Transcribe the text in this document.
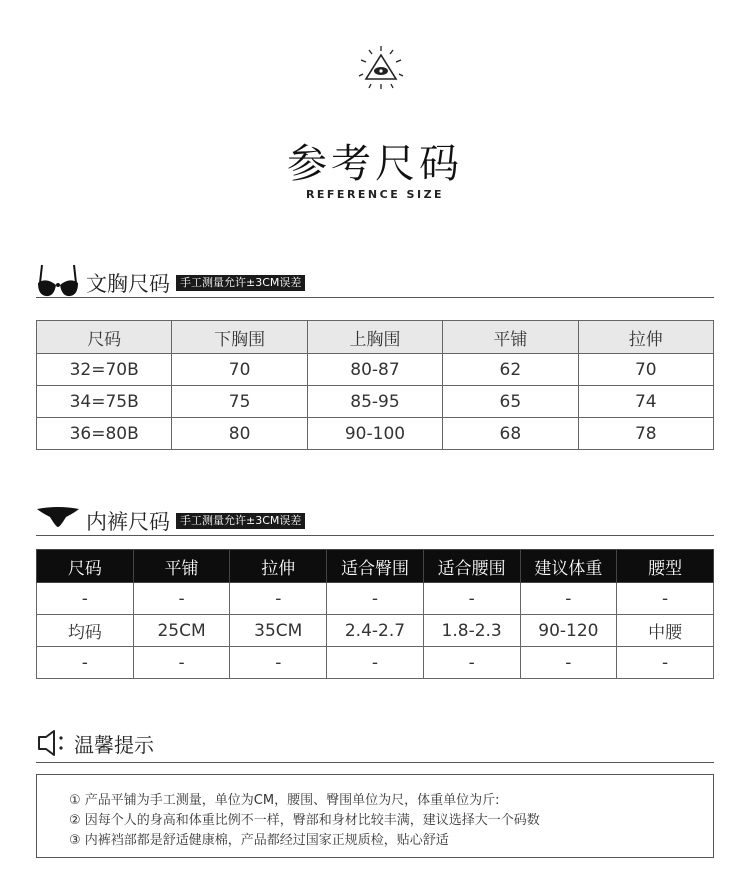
参考尺码
REFERENCE SIZE
文胸尺码 手工测量允许±3CM误差
尺码	下胸围	上胸围	平铺	拉伸
32=70B	70	80-87	62	70
34=75B	75	85-95	65	74
36=80B	80	90-100	68	78
内裤尺码 手工测量允许±3CM误差
尺码	平铺	拉伸	适合臀围	适合腰围	建议体重	腰型
-	-	-	-	-	-	-
均码	25CM	35CM	2.4-2.7	1.8-2.3	90-120	中腰
-	-	-	-	-	-	-
温馨提示
① 产品平铺为手工测量，单位为CM，腰围、臀围单位为尺，体重单位为斤:
② 因每个人的身高和体重比例不一样，臀部和身材比较丰满，建议选择大一个码数
③ 内裤裆部都是舒适健康棉，产品都经过国家正规质检，贴心舒适
